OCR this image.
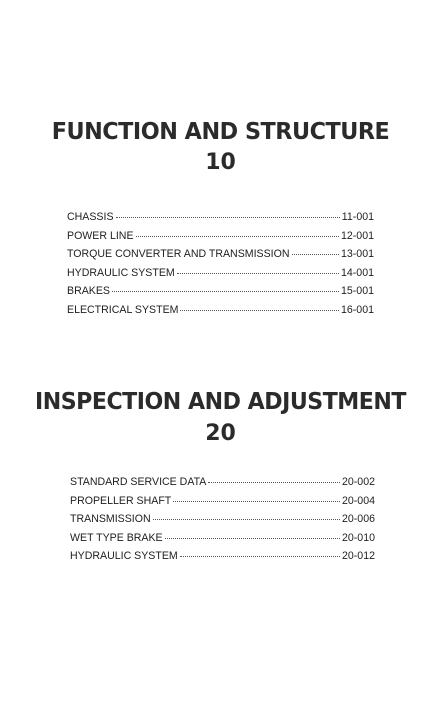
FUNCTION AND STRUCTURE
10
CHASSIS	11-001
POWER LINE	12-001
TORQUE CONVERTER AND TRANSMISSION	13-001
HYDRAULIC SYSTEM	14-001
BRAKES	15-001
ELECTRICAL SYSTEM	16-001
INSPECTION AND ADJUSTMENT
20
STANDARD SERVICE DATA	20-002
PROPELLER SHAFT	20-004
TRANSMISSION	20-006
WET TYPE BRAKE	20-010
HYDRAULIC SYSTEM	20-012
